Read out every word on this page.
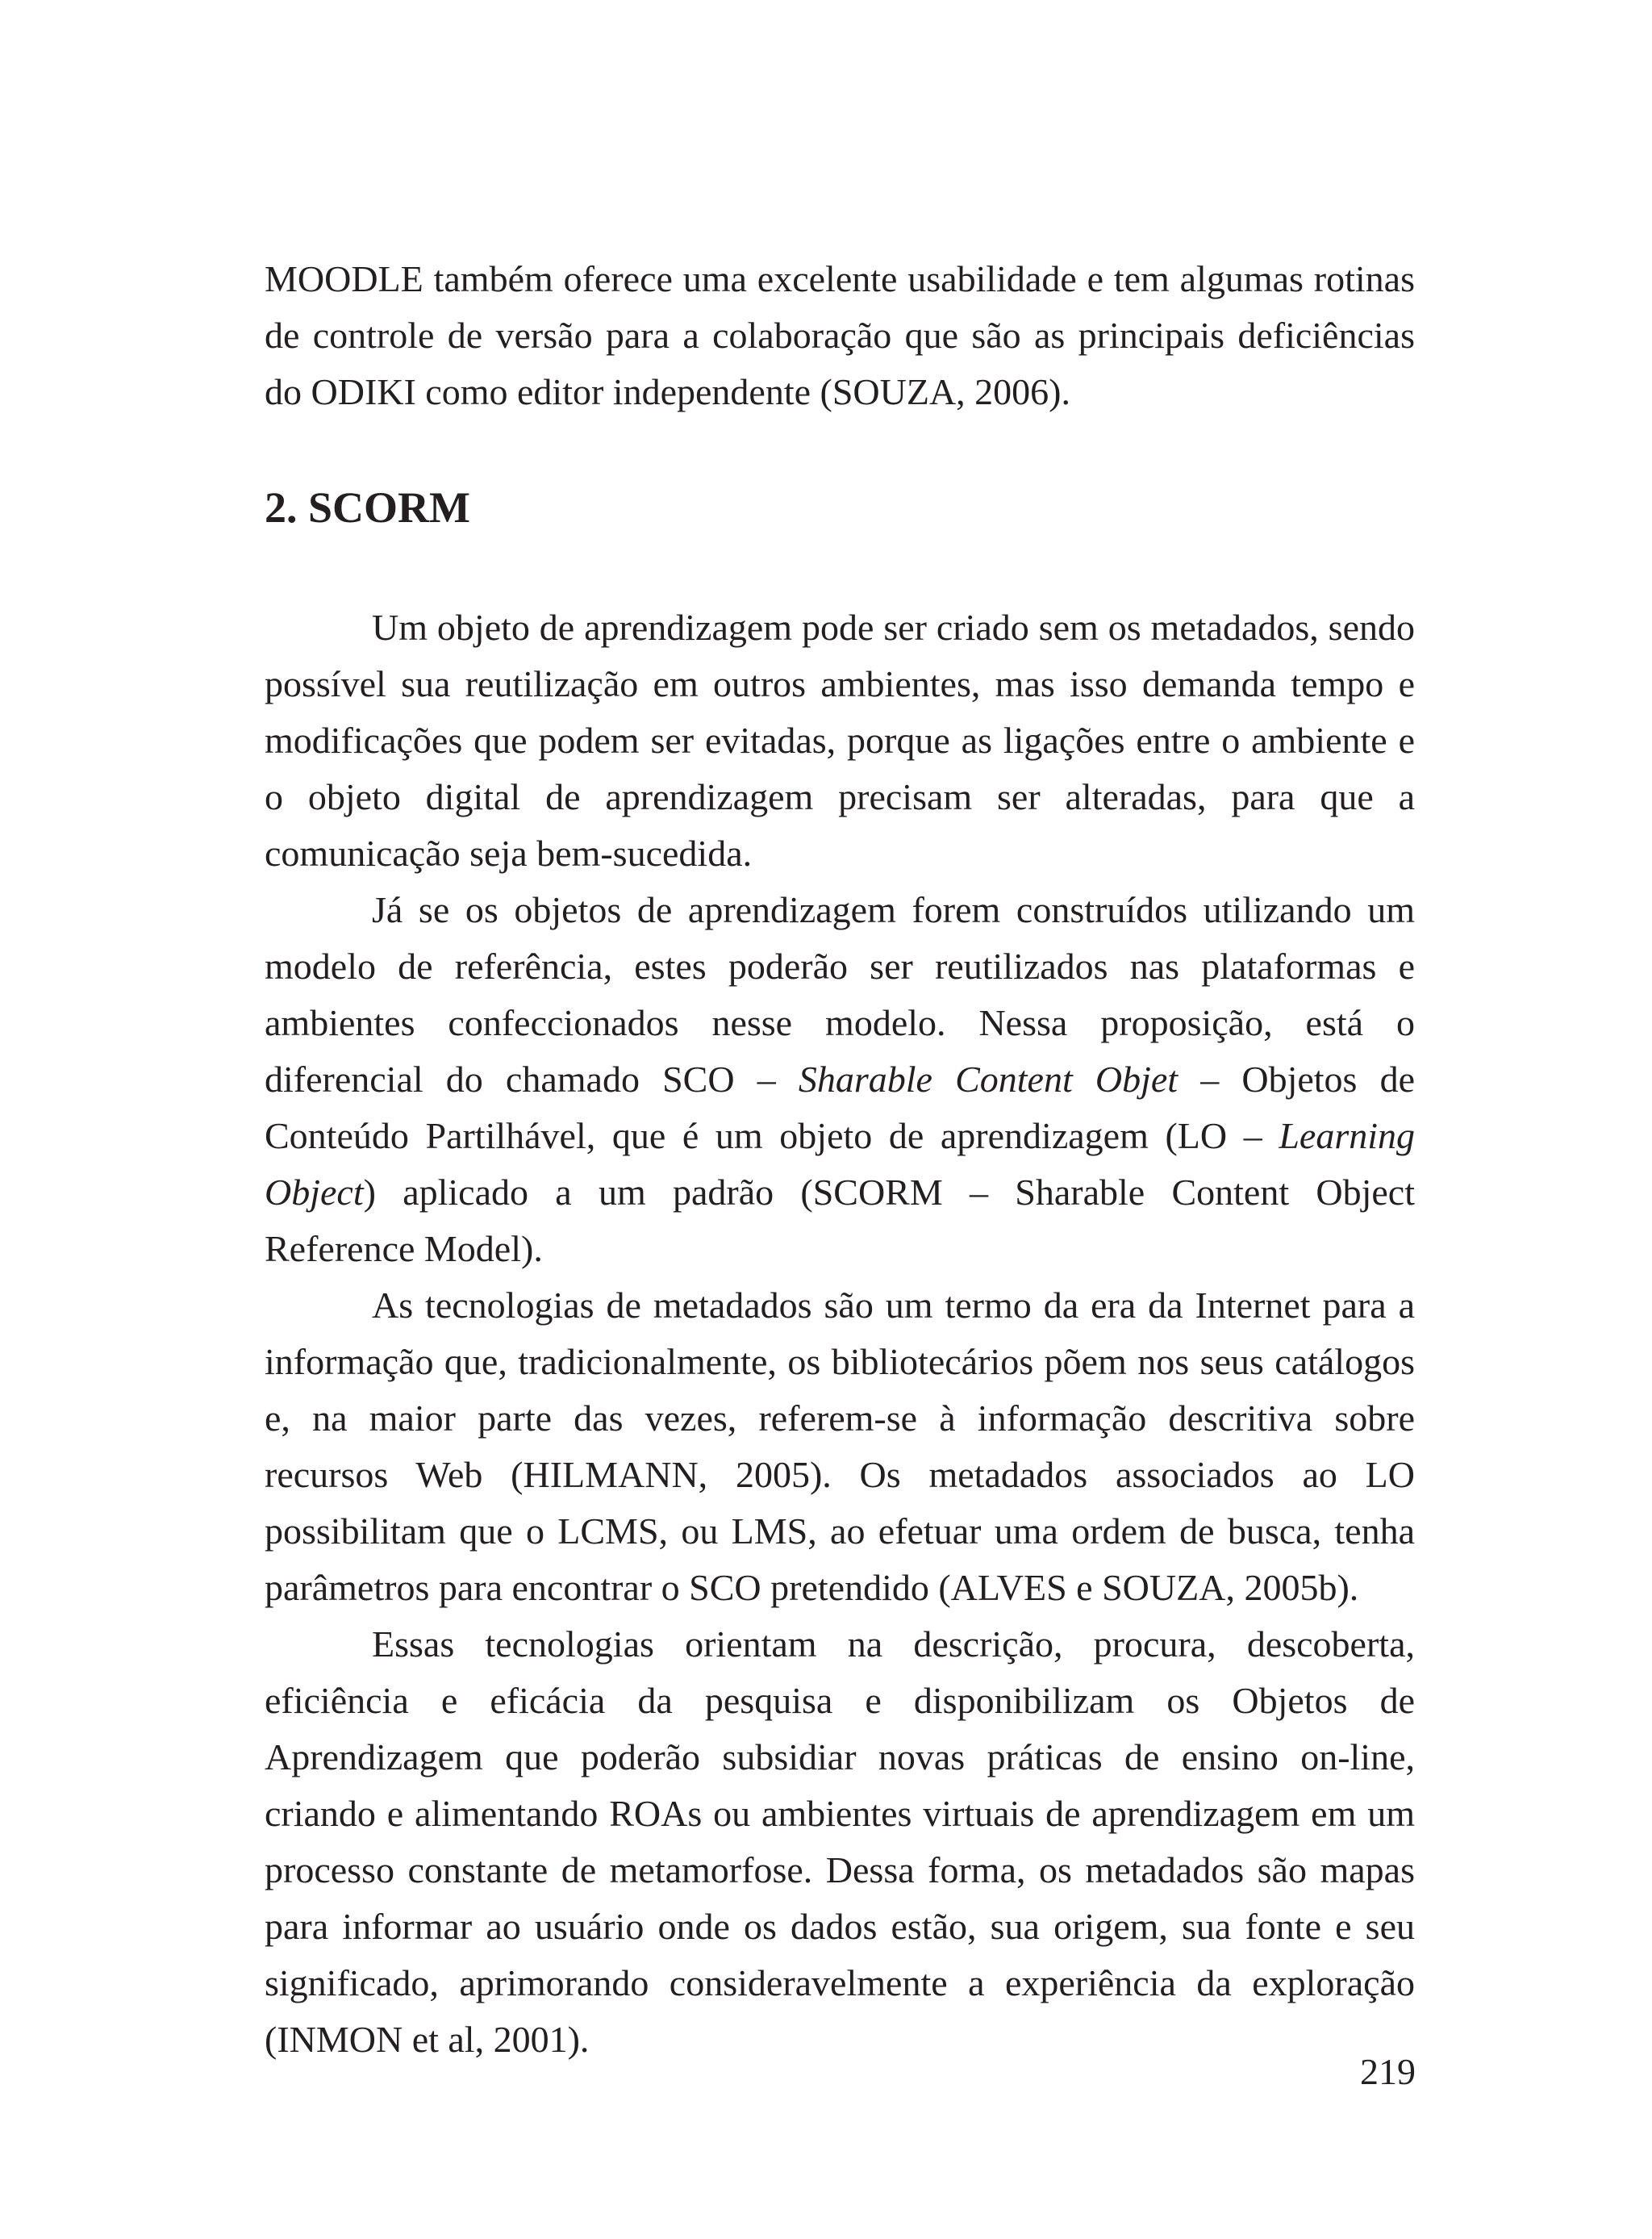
MOODLE também oferece uma excelente usabilidade e tem algumas rotinas de controle de versão para a colaboração que são as principais deficiências do ODIKI como editor independente (SOUZA, 2006).

2. SCORM

Um objeto de aprendizagem pode ser criado sem os metadados, sendo possível sua reutilização em outros ambientes, mas isso demanda tempo e modificações que podem ser evitadas, porque as ligações entre o ambiente e o objeto digital de aprendizagem precisam ser alteradas, para que a comunicação seja bem-sucedida.

Já se os objetos de aprendizagem forem construídos utilizando um modelo de referência, estes poderão ser reutilizados nas plataformas e ambientes confeccionados nesse modelo. Nessa proposição, está o diferencial do chamado SCO – Sharable Content Objet – Objetos de Conteúdo Partilhável, que é um objeto de aprendizagem (LO – Learning Object) aplicado a um padrão (SCORM – Sharable Content Object Reference Model).

As tecnologias de metadados são um termo da era da Internet para a informação que, tradicionalmente, os bibliotecários põem nos seus catálogos e, na maior parte das vezes, referem-se à informação descritiva sobre recursos Web (HILMANN, 2005). Os metadados associados ao LO possibilitam que o LCMS, ou LMS, ao efetuar uma ordem de busca, tenha parâmetros para encontrar o SCO pretendido (ALVES e SOUZA, 2005b).

Essas tecnologias orientam na descrição, procura, descoberta, eficiência e eficácia da pesquisa e disponibilizam os Objetos de Aprendizagem que poderão subsidiar novas práticas de ensino on-line, criando e alimentando ROAs ou ambientes virtuais de aprendizagem em um processo constante de metamorfose. Dessa forma, os metadados são mapas para informar ao usuário onde os dados estão, sua origem, sua fonte e seu significado, aprimorando consideravelmente a experiência da exploração (INMON et al, 2001).

219
